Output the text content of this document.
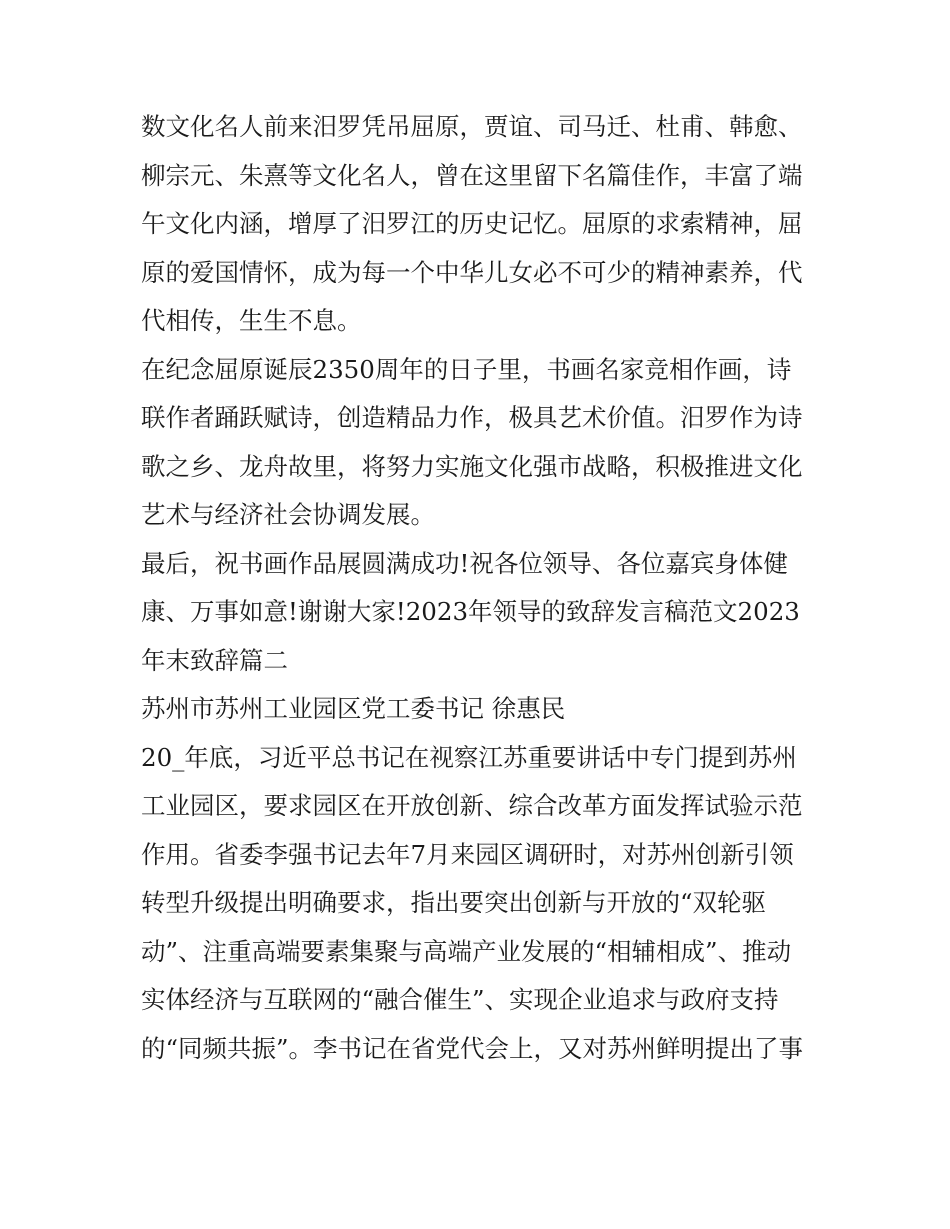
数文化名人前来汨罗凭吊屈原，贾谊、司马迁、杜甫、韩愈、
柳宗元、朱熹等文化名人，曾在这里留下名篇佳作，丰富了端
午文化内涵，增厚了汨罗江的历史记忆。屈原的求索精神，屈
原的爱国情怀，成为每一个中华儿女必不可少的精神素养，代
代相传，生生不息。
在纪念屈原诞辰2350周年的日子里，书画名家竞相作画，诗
联作者踊跃赋诗，创造精品力作，极具艺术价值。汨罗作为诗
歌之乡、龙舟故里，将努力实施文化强市战略，积极推进文化
艺术与经济社会协调发展。
最后，祝书画作品展圆满成功!祝各位领导、各位嘉宾身体健
康、万事如意!谢谢大家!2023年领导的致辞发言稿范文2023
年末致辞篇二
苏州市苏州工业园区党工委书记 徐惠民
20_年底，习近平总书记在视察江苏重要讲话中专门提到苏州
工业园区，要求园区在开放创新、综合改革方面发挥试验示范
作用。省委李强书记去年7月来园区调研时，对苏州创新引领
转型升级提出明确要求，指出要突出创新与开放的“双轮驱
动”、注重高端要素集聚与高端产业发展的“相辅相成”、推动
实体经济与互联网的“融合催生”、实现企业追求与政府支持
的“同频共振”。李书记在省党代会上，又对苏州鲜明提出了事
